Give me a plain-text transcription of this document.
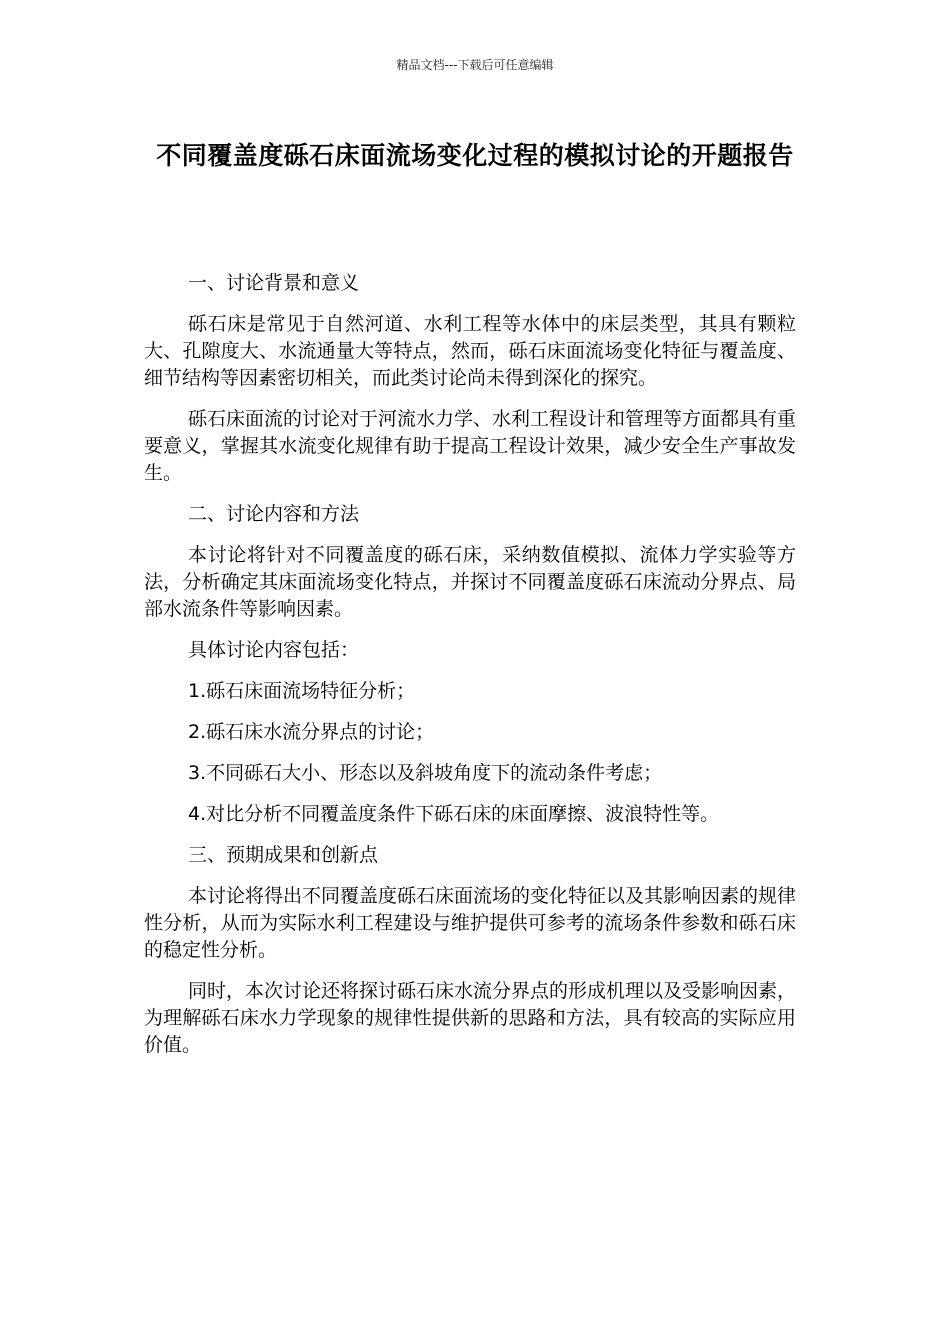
精品文档---下载后可任意编辑
不同覆盖度砾石床面流场变化过程的模拟讨论的开题报告

一、讨论背景和意义

砾石床是常见于自然河道、水利工程等水体中的床层类型，其具有颗粒大、孔隙度大、水流通量大等特点，然而，砾石床面流场变化特征与覆盖度、细节结构等因素密切相关，而此类讨论尚未得到深化的探究。

砾石床面流的讨论对于河流水力学、水利工程设计和管理等方面都具有重要意义，掌握其水流变化规律有助于提高工程设计效果，减少安全生产事故发生。

二、讨论内容和方法

本讨论将针对不同覆盖度的砾石床，采纳数值模拟、流体力学实验等方法，分析确定其床面流场变化特点，并探讨不同覆盖度砾石床流动分界点、局部水流条件等影响因素。

具体讨论内容包括：

1.砾石床面流场特征分析；

2.砾石床水流分界点的讨论；

3.不同砾石大小、形态以及斜坡角度下的流动条件考虑；

4.对比分析不同覆盖度条件下砾石床的床面摩擦、波浪特性等。

三、预期成果和创新点

本讨论将得出不同覆盖度砾石床面流场的变化特征以及其影响因素的规律性分析，从而为实际水利工程建设与维护提供可参考的流场条件参数和砾石床的稳定性分析。

同时，本次讨论还将探讨砾石床水流分界点的形成机理以及受影响因素，为理解砾石床水力学现象的规律性提供新的思路和方法，具有较高的实际应用价值。
